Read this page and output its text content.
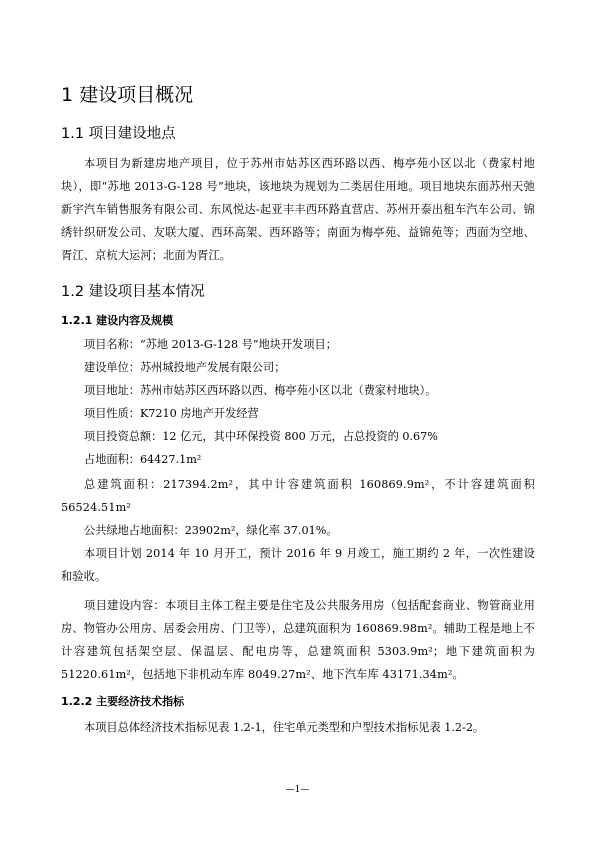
1 建设项目概况
1.1 项目建设地点
本项目为新建房地产项目，位于苏州市姑苏区西环路以西、梅亭苑小区以北（费家村地块），即“苏地 2013-G-128 号”地块，该地块为规划为二类居住用地。项目地块东面苏州天弛新宇汽车销售服务有限公司、东风悦达-起亚丰丰西环路直营店、苏州开泰出租车汽车公司、锦绣针织研发公司、友联大厦、西环高架、西环路等；南面为梅亭苑、益锦苑等；西面为空地、胥江、京杭大运河；北面为胥江。
1.2 建设项目基本情况
1.2.1 建设内容及规模
项目名称：“苏地 2013-G-128 号”地块开发项目；
建设单位：苏州城投地产发展有限公司；
项目地址：苏州市姑苏区西环路以西、梅亭苑小区以北（费家村地块）。
项目性质：K7210 房地产开发经营
项目投资总额：12 亿元，其中环保投资 800 万元，占总投资的 0.67%
占地面积：64427.1m²
总建筑面积：217394.2m²，其中计容建筑面积 160869.9m²，不计容建筑面积 56524.51m²
公共绿地占地面积：23902m²，绿化率 37.01%。
本项目计划 2014 年 10 月开工，预计 2016 年 9 月竣工，施工期约 2 年，一次性建设和验收。
项目建设内容：本项目主体工程主要是住宅及公共服务用房（包括配套商业、物管商业用房、物管办公用房、居委会用房、门卫等），总建筑面积为 160869.98m²。辅助工程是地上不计容建筑包括架空层、保温层、配电房等，总建筑面积 5303.9m²；地下建筑面积为 51220.61m²，包括地下非机动车库 8049.27m²、地下汽车库 43171.34m²。
1.2.2 主要经济技术指标
本项目总体经济技术指标见表 1.2-1，住宅单元类型和户型技术指标见表 1.2-2。
—1—
